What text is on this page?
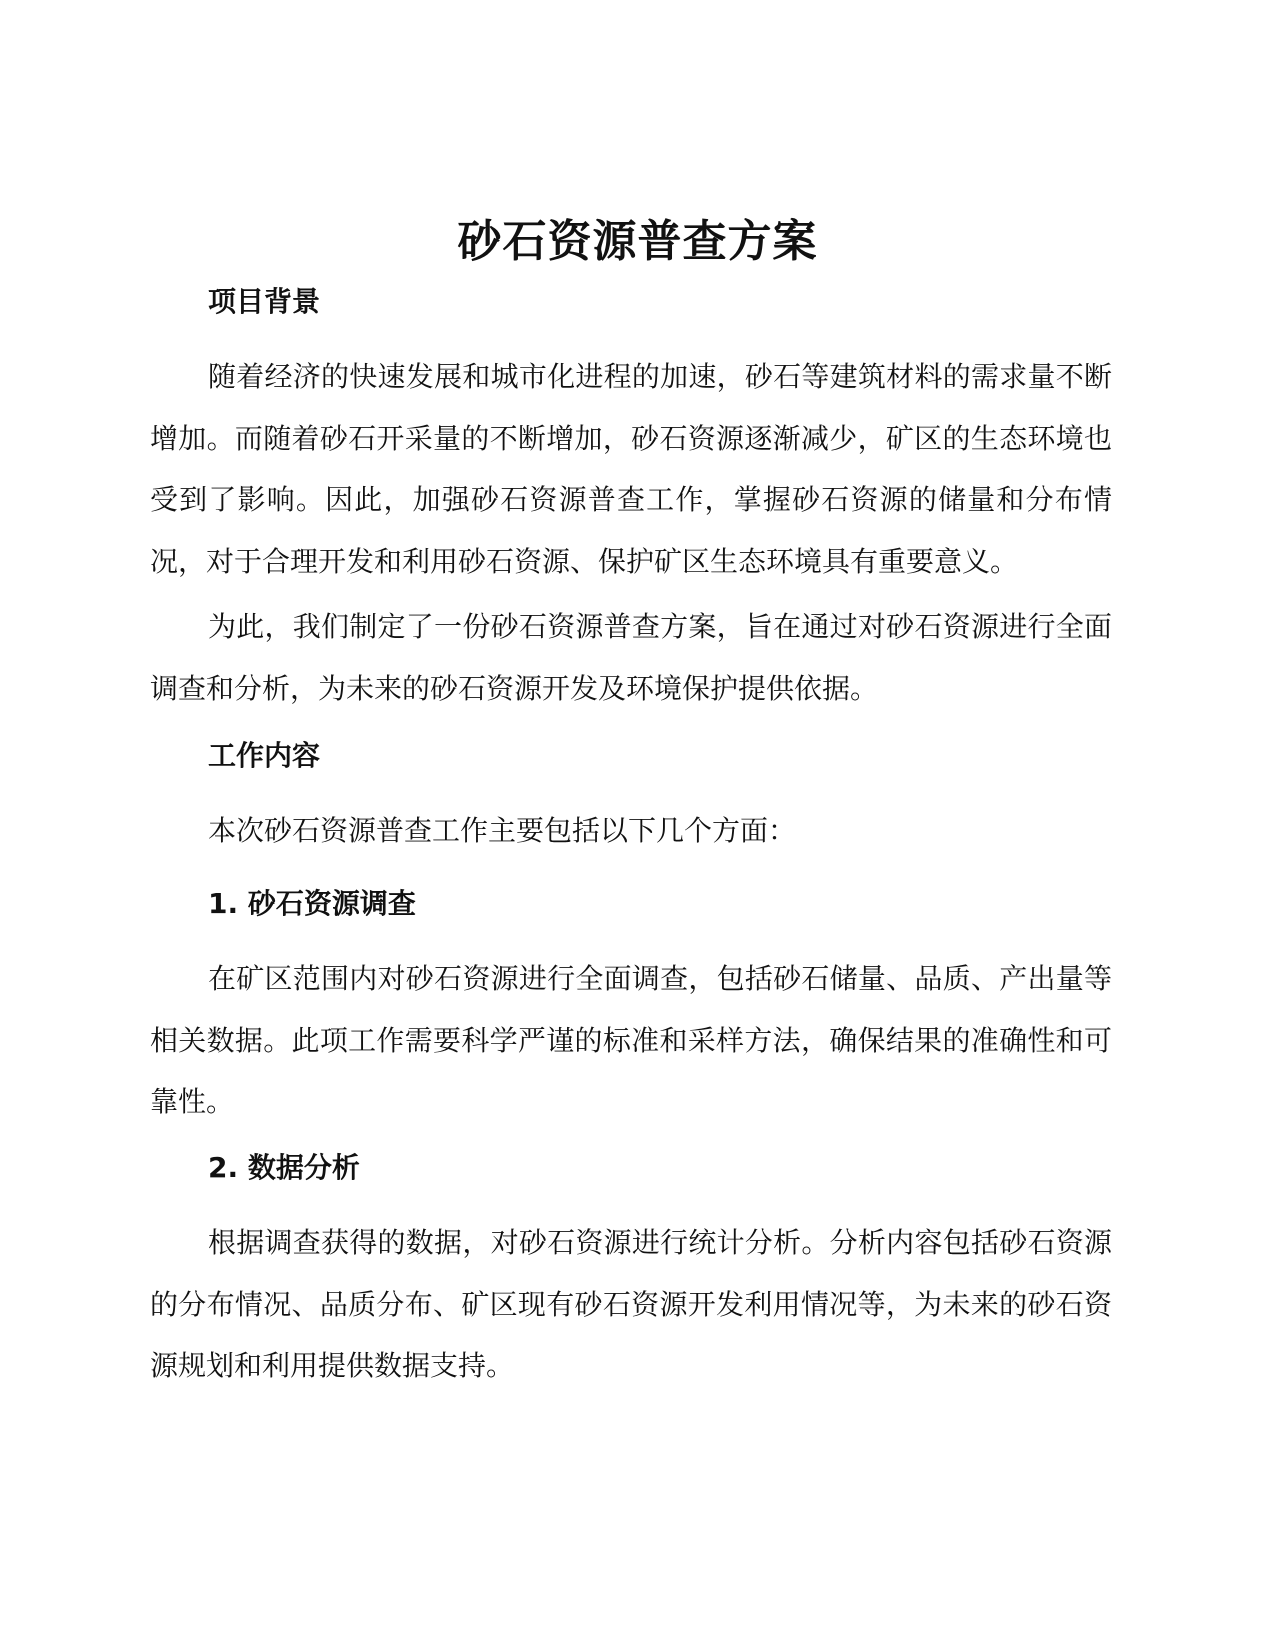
砂石资源普查方案
项目背景

随着经济的快速发展和城市化进程的加速，砂石等建筑材料的需求量不断增加。而随着砂石开采量的不断增加，砂石资源逐渐减少，矿区的生态环境也受到了影响。因此，加强砂石资源普查工作，掌握砂石资源的储量和分布情况，对于合理开发和利用砂石资源、保护矿区生态环境具有重要意义。

为此，我们制定了一份砂石资源普查方案，旨在通过对砂石资源进行全面调查和分析，为未来的砂石资源开发及环境保护提供依据。

工作内容

本次砂石资源普查工作主要包括以下几个方面：

1. 砂石资源调查

在矿区范围内对砂石资源进行全面调查，包括砂石储量、品质、产出量等相关数据。此项工作需要科学严谨的标准和采样方法，确保结果的准确性和可靠性。

2. 数据分析

根据调查获得的数据，对砂石资源进行统计分析。分析内容包括砂石资源的分布情况、品质分布、矿区现有砂石资源开发利用情况等，为未来的砂石资源规划和利用提供数据支持。
